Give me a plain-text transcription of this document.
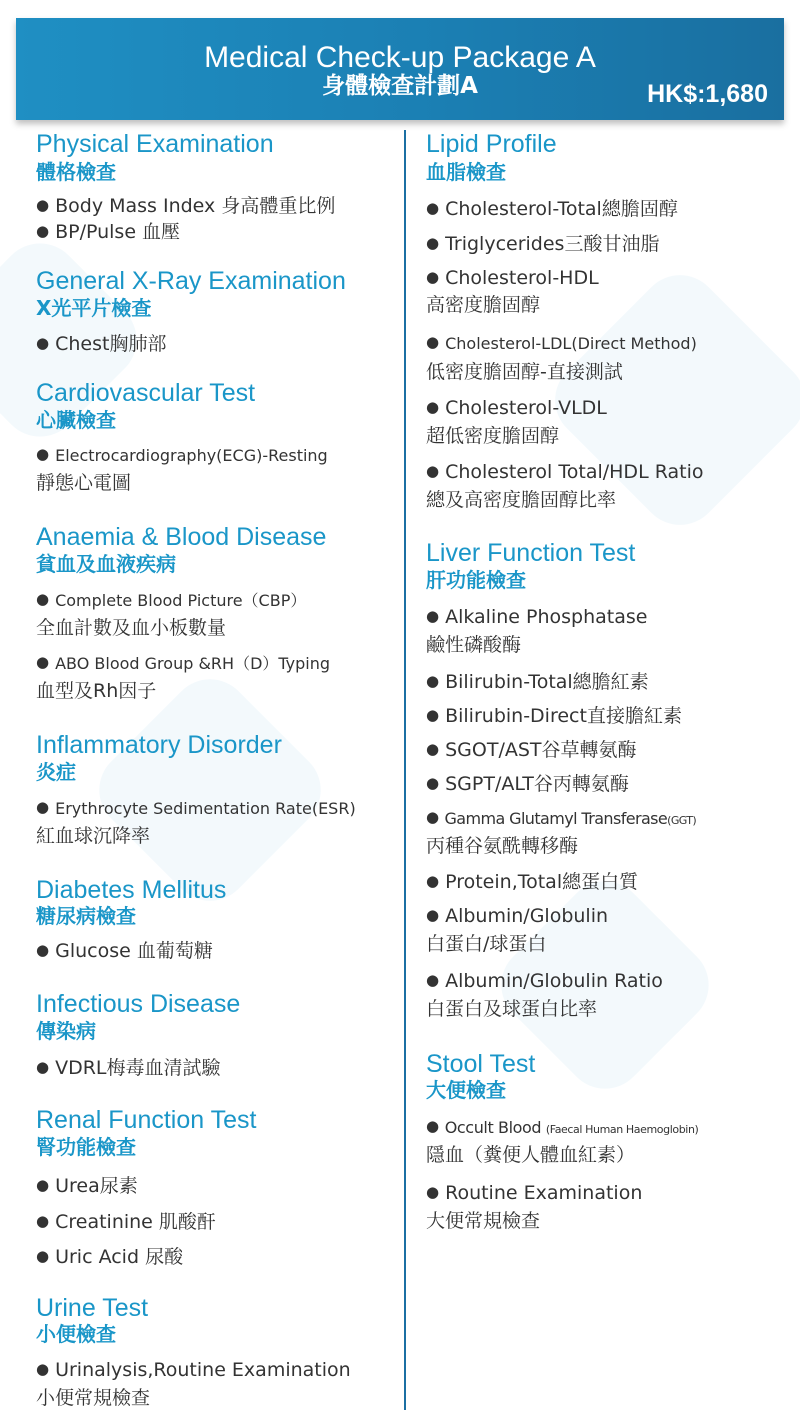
Medical Check-up Package A
身體檢查計劃A	HK$:1,680
Physical Examination
體格檢查
● Body Mass Index 身高體重比例
● BP/Pulse 血壓
General X-Ray Examination
X光平片檢查
● Chest胸肺部
Cardiovascular Test
心臟檢查
● Electrocardiography(ECG)-Resting
靜態心電圖
Anaemia & Blood Disease
貧血及血液疾病
● Complete Blood Picture（CBP）
全血計數及血小板數量
● ABO Blood Group &RH（D）Typing
血型及Rh因子
Inflammatory Disorder
炎症
● Erythrocyte Sedimentation Rate(ESR)
紅血球沉降率
Diabetes Mellitus
糖尿病檢查
● Glucose 血葡萄糖
Infectious Disease
傳染病
● VDRL梅毒血清試驗
Renal Function Test
腎功能檢查
● Urea尿素
● Creatinine 肌酸酐
● Uric Acid 尿酸
Urine Test
小便檢查
● Urinalysis,Routine Examination
小便常規檢查
Lipid Profile
血脂檢查
● Cholesterol-Total總膽固醇
● Triglycerides三酸甘油脂
● Cholesterol-HDL
高密度膽固醇
● Cholesterol-LDL(Direct Method)
低密度膽固醇-直接測試
● Cholesterol-VLDL
超低密度膽固醇
● Cholesterol Total/HDL Ratio
總及高密度膽固醇比率
Liver Function Test
肝功能檢查
● Alkaline Phosphatase
鹼性磷酸酶
● Bilirubin-Total總膽紅素
● Bilirubin-Direct直接膽紅素
● SGOT/AST谷草轉氨酶
● SGPT/ALT谷丙轉氨酶
● Gamma Glutamyl Transferase(GGT)
丙種谷氨酰轉移酶
● Protein,Total總蛋白質
● Albumin/Globulin
白蛋白/球蛋白
● Albumin/Globulin Ratio
白蛋白及球蛋白比率
Stool Test
大便檢查
● Occult Blood (Faecal Human Haemoglobin)
隱血（糞便人體血紅素）
● Routine Examination
大便常規檢查
